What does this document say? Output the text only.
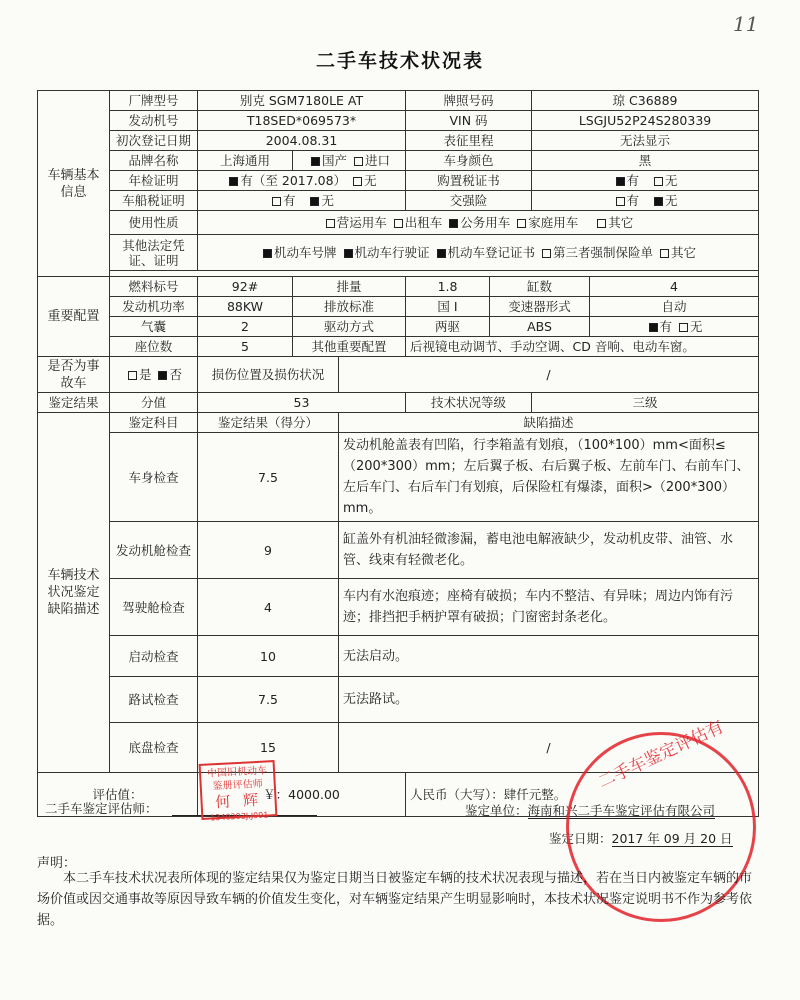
11
二手车技术状况表
车辆基本信息	厂牌型号	别克 SGM7180LE AT			牌照号码		琼 C36889	
	发动机号	T18SED*069573*			VIN 码		LSGJU52P24S280339	
	初次登记日期	2004.08.31			表征里程		无法显示	
	品牌名称	上海通用	国产 进口		车身颜色		黑	
	年检证明	有（至 2017.08） 无			购置税证书		有 无	
	车船税证明	有 无			交强险		有 无	
	使用性质	营运用车 出租车 公务用车 家庭用车 其它						
	其他法定凭证、证明	机动车号牌 机动车行驶证 机动车登记证书 第三者强制保险单 其它						

重要配置	燃料标号	92#	排量		1.8	缸数		4
	发动机功率	88KW	排放标准		国 I	变速器形式		自动
	气囊	2	驱动方式		两驱	ABS		有 无
	座位数	5	其他重要配置		后视镜电动调节、手动空调、CD 音响、电动车窗。			
是否为事故车	是 否	损伤位置及损伤状况		/				
鉴定结果	分值	53			技术状况等级		三级	
车辆技术状况鉴定缺陷描述	鉴定科目	鉴定结果（得分）		缺陷描述				
	车身检查	7.5		发动机舱盖表有凹陷，行李箱盖有划痕，（100*100）mm<面积≤（200*300）mm；左后翼子板、右后翼子板、左前车门、右前车门、左后车门、右后车门有划痕，后保险杠有爆漆，面积>（200*300）mm。				
	发动机舱检查	9		缸盖外有机油轻微渗漏，蓄电池电解液缺少，发动机皮带、油管、水管、线束有轻微老化。				
	驾驶舱检查	4		车内有水泡痕迹；座椅有破损；车内不整洁、有异味；周边内饰有污迹；排挡把手柄护罩有破损；门窗密封条老化。				
	启动检查	10		无法启动。				
	路试检查	7.5		无法路试。				
	底盘检查	15		/				
评估值：		￥：4000.00			人民币（大写）：肆仟元整。			
二手车鉴定评估师：
中国旧机动车
鉴册评估师
何 辉
1340293J.J091	鉴定单位：海南和兴二手车鉴定评估有限公司
鉴定日期：2017 年 09 月 20 日
二手车鉴定评估有
声明：
本二手车技术状况表所体现的鉴定结果仅为鉴定日期当日被鉴定车辆的技术状况表现与描述，若在当日内被鉴定车辆的市场价值或因交通事故等原因导致车辆的价值发生变化，对车辆鉴定结果产生明显影响时，本技术状况鉴定说明书不作为参考依据。
